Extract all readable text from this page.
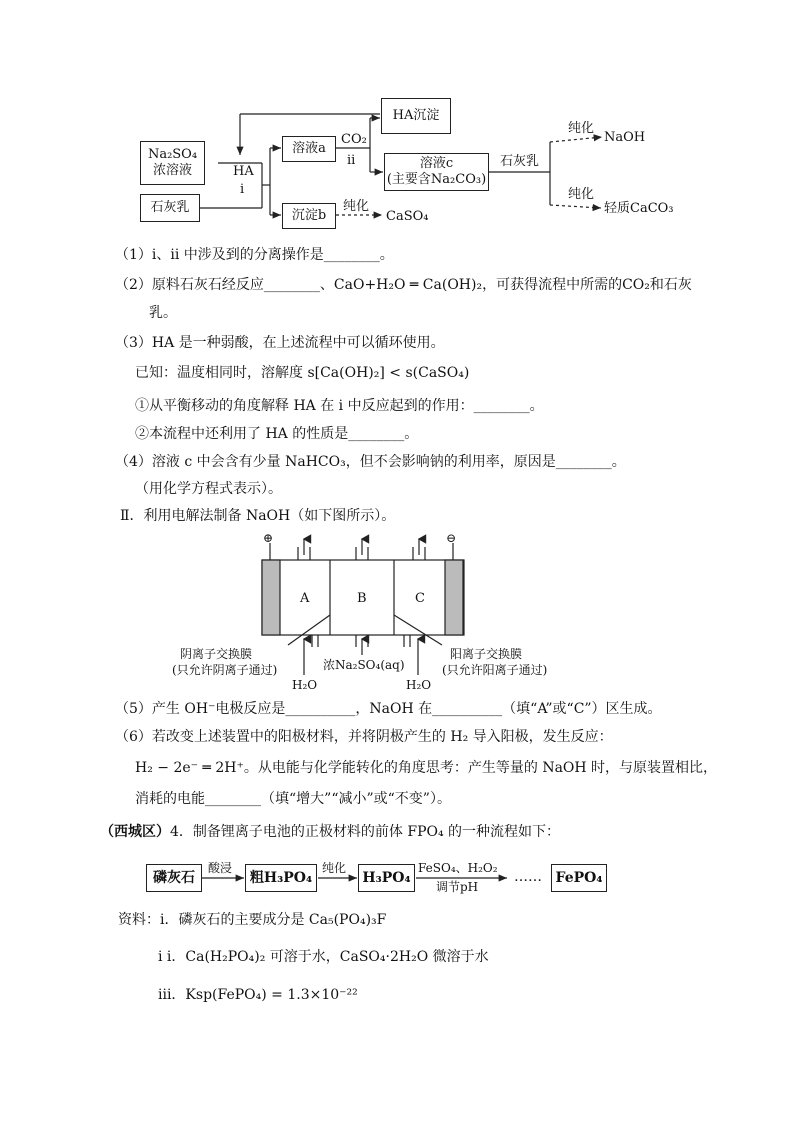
Na₂SO₄
浓溶液
石灰乳
HA
i
溶液a
沉淀b
CO₂
ii
HA沉淀
溶液c
(主要含Na₂CO₃)
纯化
CaSO₄
石灰乳
纯化
NaOH
纯化
轻质CaCO₃
（1）i、ii 中涉及到的分离操作是________。
（2）原料石灰石经反应________、CaO+H₂O ═ Ca(OH)₂，可获得流程中所需的CO₂和石灰
乳。
（3）HA 是一种弱酸，在上述流程中可以循环使用。
已知：温度相同时，溶解度 s[Ca(OH)₂] < s(CaSO₄)
①从平衡移动的角度解释 HA 在 i 中反应起到的作用：________。
②本流程中还利用了 HA 的性质是________。
（4）溶液 c 中会含有少量 NaHCO₃，但不会影响钠的利用率，原因是________。
（用化学方程式表示）。
Ⅱ．利用电解法制备 NaOH（如下图所示）。
⊕	⊖
A	B	C
阴离子交换膜
(只允许阴离子通过)	浓Na₂SO₄(aq)
阳离子交换膜
(只允许阳离子通过)
H₂O	H₂O
（5）产生 OH⁻电极反应是__________，NaOH 在__________（填“A”或“C”）区生成。
（6）若改变上述装置中的阳极材料，并将阴极产生的 H₂ 导入阳极，发生反应：
H₂ − 2e⁻ ═ 2H⁺。从电能与化学能转化的角度思考：产生等量的 NaOH 时，与原装置相比，
消耗的电能________（填“增大”“减小”或“不变”）。
（西城区）4．制备锂离子电池的正极材料的前体 FPO₄ 的一种流程如下：
磷灰石
酸浸
粗H₃PO₄
纯化
H₃PO₄
FeSO₄、H₂O₂
调节pH
…… FePO₄
资料：i．磷灰石的主要成分是 Ca₅(PO₄)₃F
i i．Ca(H₂PO₄)₂ 可溶于水，CaSO₄·2H₂O 微溶于水
iii．Ksp(FePO₄) = 1.3×10⁻²²
